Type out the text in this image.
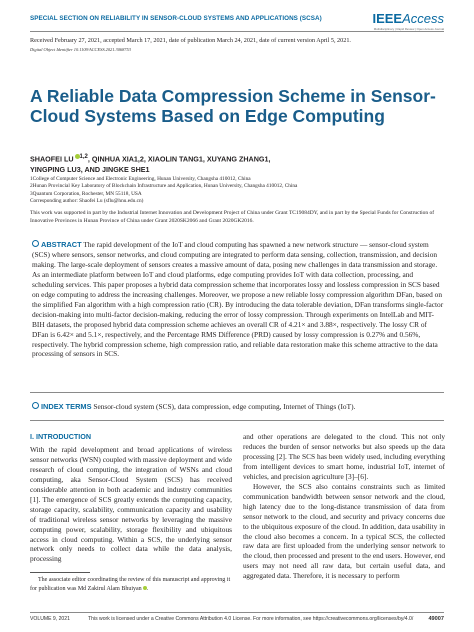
SPECIAL SECTION ON RELIABILITY IN SENSOR-CLOUD SYSTEMS AND APPLICATIONS (SCSA)	IEEEAccess
Multidisciplinary | Rapid Review | Open Access Journal
Received February 27, 2021, accepted March 17, 2021, date of publication March 24, 2021, date of current version April 5, 2021.
Digital Object Identifier 10.1109/ACCESS.2021.3068753
A Reliable Data Compression Scheme in Sensor-Cloud Systems Based on Edge Computing
SHAOFEI LU $^{1,2}$, QINHUA XIA1,2, XIAOLIN TANG1, XUYANG ZHANG1,
YINGPING LU3, AND JINGKE SHE1
1College of Computer Science and Electronic Engineering, Hunan University, Changsha 410012, China
2Hunan Provincial Key Laboratory of Blockchain Infrastructure and Application, Hunan University, Changsha 410012, China
3Quantum Corporation, Rochester, MN 55118, USA
Corresponding author: Shaofei Lu (sflu@hnu.edu.cn)
This work was supported in part by the Industrial Internet Innovation and Development Project of China under Grant TC19084DY, and in part by the Special Funds for Construction of Innovative Provinces in Hunan Province of China under Grant 2020SK2066 and Grant 2020GK2016.
ABSTRACT The rapid development of the IoT and cloud computing has spawned a new network structure — sensor-cloud system (SCS) where sensors, sensor networks, and cloud computing are integrated to perform data sensing, collection, transmission, and decision making. The large-scale deployment of sensors creates a massive amount of data, posing new challenges in data transmission and storage. As an intermediate platform between IoT and cloud platforms, edge computing provides IoT with data collection, processing, and scheduling services. This paper proposes a hybrid data compression scheme that incorporates lossy and lossless compression in SCS based on edge computing to address the increasing challenges. Moreover, we propose a new reliable lossy compression algorithm DFan, based on the simplified Fan algorithm with a high compression ratio (CR). By introducing the data tolerable deviation, DFan transforms single-factor decision-making into multi-factor decision-making, reducing the error of lossy compression. Through experiments on IntelLab and MIT-BIH datasets, the proposed hybrid data compression scheme achieves an overall CR of 4.21× and 3.88×, respectively. The lossy CR of DFan is 6.42× and 5.1×, respectively, and the Percentage RMS Difference (PRD) caused by lossy compression is 0.27% and 0.56%, respectively. The hybrid compression scheme, high compression ratio, and reliable data restoration make this scheme attractive to the data processing of sensors in SCS.
INDEX TERMS Sensor-cloud system (SCS), data compression, edge computing, Internet of Things (IoT).
I. INTRODUCTION

With the rapid development and broad applications of wireless sensor networks (WSN) coupled with massive deployment and wide research of cloud computing, the integration of WSNs and cloud computing, aka Sensor-Cloud System (SCS) has received considerable attention in both academic and industry communities [1]. The emergence of SCS greatly extends the computing capacity, storage capacity, scalability, communication capacity and usability of traditional wireless sensor networks by leveraging the massive computing power, scalability, storage flexibility and ubiquitous access in cloud computing. Within a SCS, the underlying sensor network only needs to collect data while the data analysis, processing

The associate editor coordinating the review of this manuscript and approving it for publication was Md Zakirul Alam Bhuiyan .

and other operations are delegated to the cloud. This not only reduces the burden of sensor networks but also speeds up the data processing [2]. The SCS has been widely used, including everything from intelligent devices to smart home, industrial IoT, internet of vehicles, and precision agriculture [3]–[6].

However, the SCS also contains constraints such as limited communication bandwidth between sensor network and the cloud, high latency due to the long-distance transmission of data from sensor network to the cloud, and security and privacy concerns due to the ubiquitous exposure of the cloud. In addition, data usability in the cloud also becomes a concern. In a typical SCS, the collected raw data are first uploaded from the underlying sensor network to the cloud, then processed and present to the end users. However, end users may not need all raw data, but certain useful data, and aggregated data. Therefore, it is necessary to perform

VOLUME 9, 2021	This work is licensed under a Creative Commons Attribution 4.0 License. For more information, see https://creativecommons.org/licenses/by/4.0/	49007
